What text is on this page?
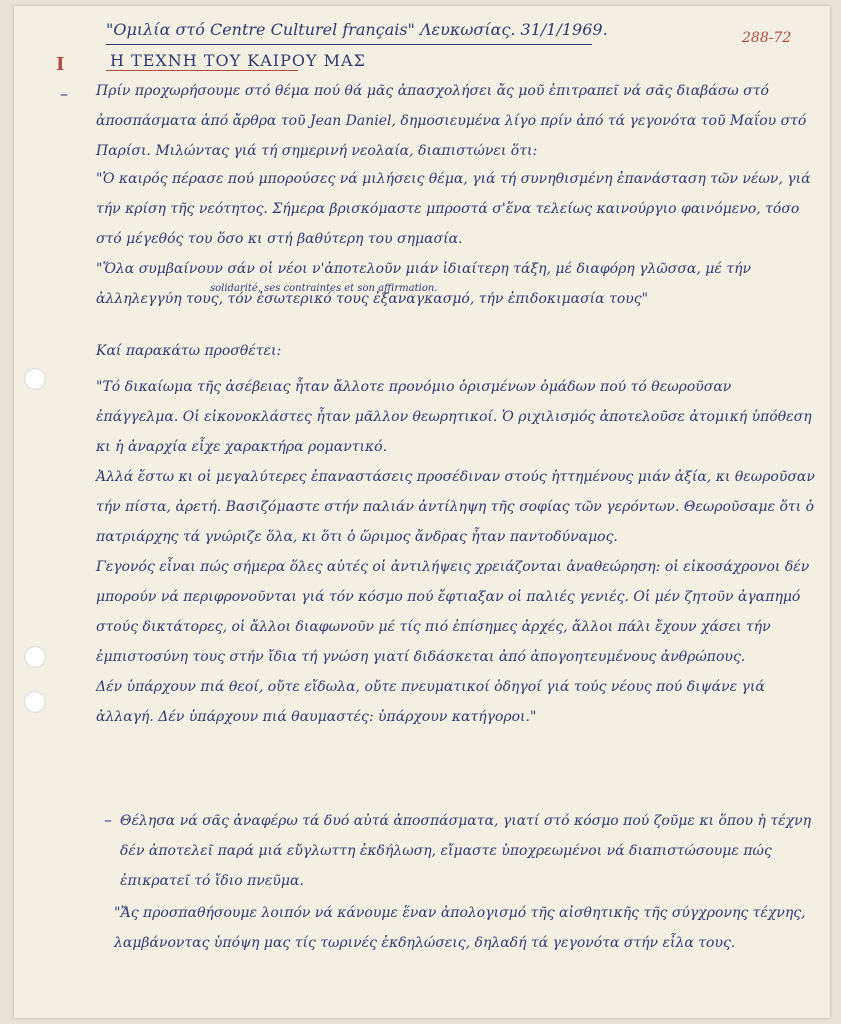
"Ομιλία στό Centre Culturel français" Λευκωσίας. 31/1/1969.	288-72
I	Η ΤΕΧΝΗ ΤΟΥ ΚΑΙΡΟΥ ΜΑΣ
– Πρίν προχωρήσουμε στό θέμα πού θά μᾶς ἀπασχολήσει ἄς μοῦ ἐπιτραπεῖ νά σᾶς διαβάσω στό ἀποσπάσματα ἀπό ἄρθρα τοῦ Jean Daniel, δημοσιευμένα λίγο πρίν ἀπό τά γεγονότα τοῦ Μαΐου στό Παρίσι. Μιλώντας γιά τή σημερινή νεολαία, διαπιστώνει ὅτι:

"Ὁ καιρός πέρασε πού μπορούσες νά μιλήσεις θέμα, γιά τή συνηθισμένη ἐπανάσταση τῶν νέων, γιά τήν κρίση τῆς νεότητος. Σήμερα βρισκόμαστε μπροστά σ'ἕνα τελείως καινούργιο φαινόμενο, τόσο στό μέγεθός του ὅσο κι στή βαθύτερη του σημασία.

"Ὅλα συμβαίνουν σάν οἱ νέοι ν'ἀποτελοῦν μιάν ἰδιαίτερη τάξη, μέ διαφόρη γλῶσσα, μέ τήν ἀλληλεγγύη τους, τόν ἐσωτερικό τους ἐξαναγκασμό, τήν ἐπιδοκιμασία τους"

solidarité, ses contraintes et son affirmation.

Καί παρακάτω προσθέτει:

"Τό δικαίωμα τῆς ἀσέβειας ἦταν ἄλλοτε προνόμιο ὁρισμένων ὁμάδων πού τό θεωροῦσαν ἐπάγγελμα. Οἱ εἰκονοκλάστες ἦταν μᾶλλον θεωρητικοί. Ὁ ριχιλισμός ἀποτελοῦσε ἀτομική ὑπόθεση κι ἡ ἀναρχία εἶχε χαρακτήρα ρομαντικό.

Ἀλλά ἔστω κι οἱ μεγαλύτερες ἐπαναστάσεις προσέδιναν στούς ἡττημένους μιάν ἀξία, κι θεωροῦσαν τήν πίστα, ἀρετή. Βασιζόμαστε στήν παλιάν ἀντίληψη τῆς σοφίας τῶν γερόντων. Θεωροῦσαμε ὅτι ὁ πατριάρχης τά γνώριζε ὅλα, κι ὅτι ὁ ὥριμος ἄνδρας ἦταν παντοδύναμος.

Γεγονός εἶναι πώς σήμερα ὅλες αὐτές οἱ ἀντιλήψεις χρειάζονται ἀναθεώρηση: οἱ εἰκοσάχρονοι δέν μπορούν νά περιφρονοῦνται γιά τόν κόσμο πού ἔφτιαξαν οἱ παλιές γενιές. Οἱ μέν ζητοῦν ἀγαπημό στούς δικτάτορες, οἱ ἄλλοι διαφωνοῦν μέ τίς πιό ἐπίσημες ἀρχές, ἄλλοι πάλι ἔχουν χάσει τήν ἐμπιστοσύνη τους στήν ἴδια τή γνώση γιατί διδάσκεται ἀπό ἀπογοητευμένους ἀνθρώπους.

Δέν ὑπάρχουν πιά θεοί, οὔτε εἴδωλα, οὔτε πνευματικοί ὁδηγοί γιά τούς νέους πού διψάνε γιά ἀλλαγή. Δέν ὑπάρχουν πιά θαυμαστές: ὑπάρχουν κατήγοροι."

– Θέλησα νά σᾶς ἀναφέρω τά δυό αὐτά ἀποσπάσματα, γιατί στό κόσμο πού ζοῦμε κι ὅπου ἡ τέχνη δέν ἀποτελεῖ παρά μιά εὔγλωττη ἐκδήλωση, εἴμαστε ὑποχρεωμένοι νά διαπιστώσουμε πώς ἐπικρατεῖ τό ἴδιο πνεῦμα.

"Ἄς προσπαθήσουμε λοιπόν νά κάνουμε ἕναν ἀπολογισμό τῆς αἰσθητικῆς τῆς σύγχρονης τέχνης, λαμβάνοντας ὑπόψη μας τίς τωρινές ἐκδηλώσεις, δηλαδή τά γεγονότα στήν εἶλα τους.
